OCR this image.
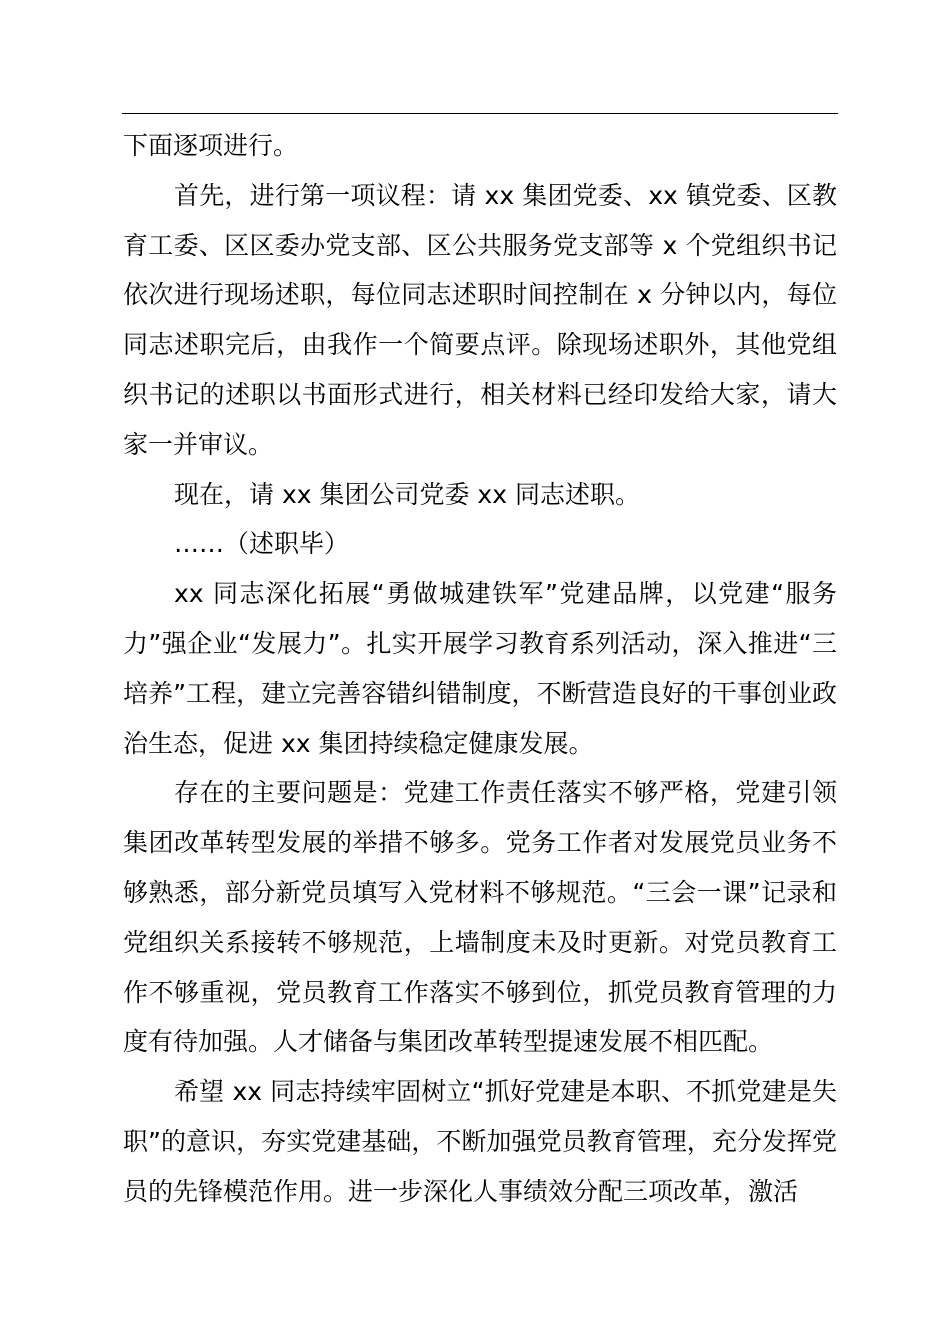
下面逐项进行。

首先，进行第一项议程：请 xx 集团党委、xx 镇党委、区教育工委、区区委办党支部、区公共服务党支部等 x 个党组织书记依次进行现场述职，每位同志述职时间控制在 x 分钟以内，每位同志述职完后，由我作一个简要点评。除现场述职外，其他党组织书记的述职以书面形式进行，相关材料已经印发给大家，请大家一并审议。

现在，请 xx 集团公司党委 xx 同志述职。

……（述职毕）

xx 同志深化拓展“勇做城建铁军”党建品牌，以党建“服务力”强企业“发展力”。扎实开展学习教育系列活动，深入推进“三培养”工程，建立完善容错纠错制度，不断营造良好的干事创业政治生态，促进 xx 集团持续稳定健康发展。

存在的主要问题是：党建工作责任落实不够严格，党建引领集团改革转型发展的举措不够多。党务工作者对发展党员业务不够熟悉，部分新党员填写入党材料不够规范。“三会一课”记录和党组织关系接转不够规范，上墙制度未及时更新。对党员教育工作不够重视，党员教育工作落实不够到位，抓党员教育管理的力度有待加强。人才储备与集团改革转型提速发展不相匹配。

希望 xx 同志持续牢固树立“抓好党建是本职、不抓党建是失职”的意识，夯实党建基础，不断加强党员教育管理，充分发挥党员的先锋模范作用。进一步深化人事绩效分配三项改革，激活
